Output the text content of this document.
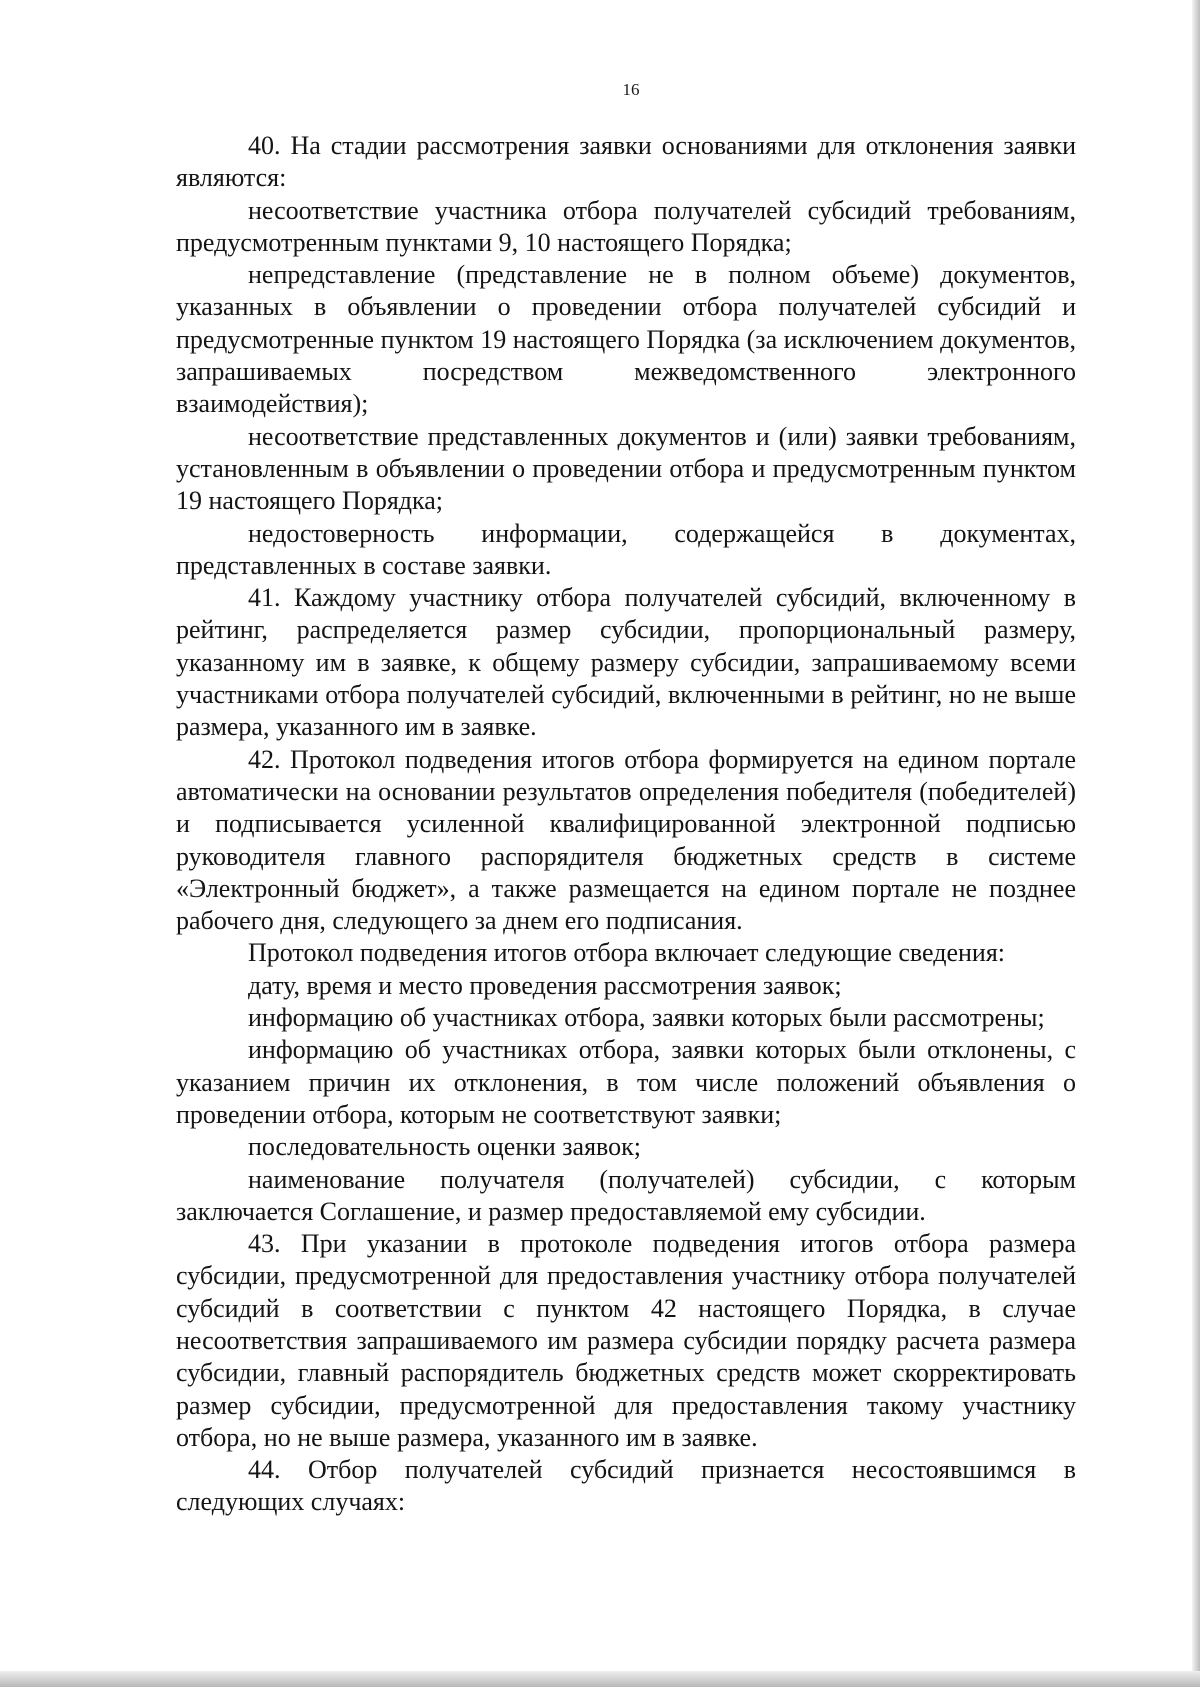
16

40. На стадии рассмотрения заявки основаниями для отклонения заявки являются:

несоответствие участника отбора получателей субсидий требованиям, предусмотренным пунктами 9, 10 настоящего Порядка;

непредставление (представление не в полном объеме) документов, указанных в объявлении о проведении отбора получателей субсидий и предусмотренные пунктом 19 настоящего Порядка (за исключением документов, запрашиваемых посредством межведомственного электронного взаимодействия);

несоответствие представленных документов и (или) заявки требованиям, установленным в объявлении о проведении отбора и предусмотренным пунктом 19 настоящего Порядка;

недостоверность информации, содержащейся в документах, представленных в составе заявки.

41. Каждому участнику отбора получателей субсидий, включенному в рейтинг, распределяется размер субсидии, пропорциональный размеру, указанному им в заявке, к общему размеру субсидии, запрашиваемому всеми участниками отбора получателей субсидий, включенными в рейтинг, но не выше размера, указанного им в заявке.

42. Протокол подведения итогов отбора формируется на едином портале автоматически на основании результатов определения победителя (победителей) и подписывается усиленной квалифицированной электронной подписью руководителя главного распорядителя бюджетных средств в системе «Электронный бюджет», а также размещается на едином портале не позднее рабочего дня, следующего за днем его подписания.

Протокол подведения итогов отбора включает следующие сведения:

дату, время и место проведения рассмотрения заявок;

информацию об участниках отбора, заявки которых были рассмотрены;

информацию об участниках отбора, заявки которых были отклонены, с указанием причин их отклонения, в том числе положений объявления о проведении отбора, которым не соответствуют заявки;

последовательность оценки заявок;

наименование получателя (получателей) субсидии, с которым заключается Соглашение, и размер предоставляемой ему субсидии.

43. При указании в протоколе подведения итогов отбора размера субсидии, предусмотренной для предоставления участнику отбора получателей субсидий в соответствии с пунктом 42 настоящего Порядка, в случае несоответствия запрашиваемого им размера субсидии порядку расчета размера субсидии, главный распорядитель бюджетных средств может скорректировать размер субсидии, предусмотренной для предоставления такому участнику отбора, но не выше размера, указанного им в заявке.

44. Отбор получателей субсидий признается несостоявшимся в следующих случаях:
